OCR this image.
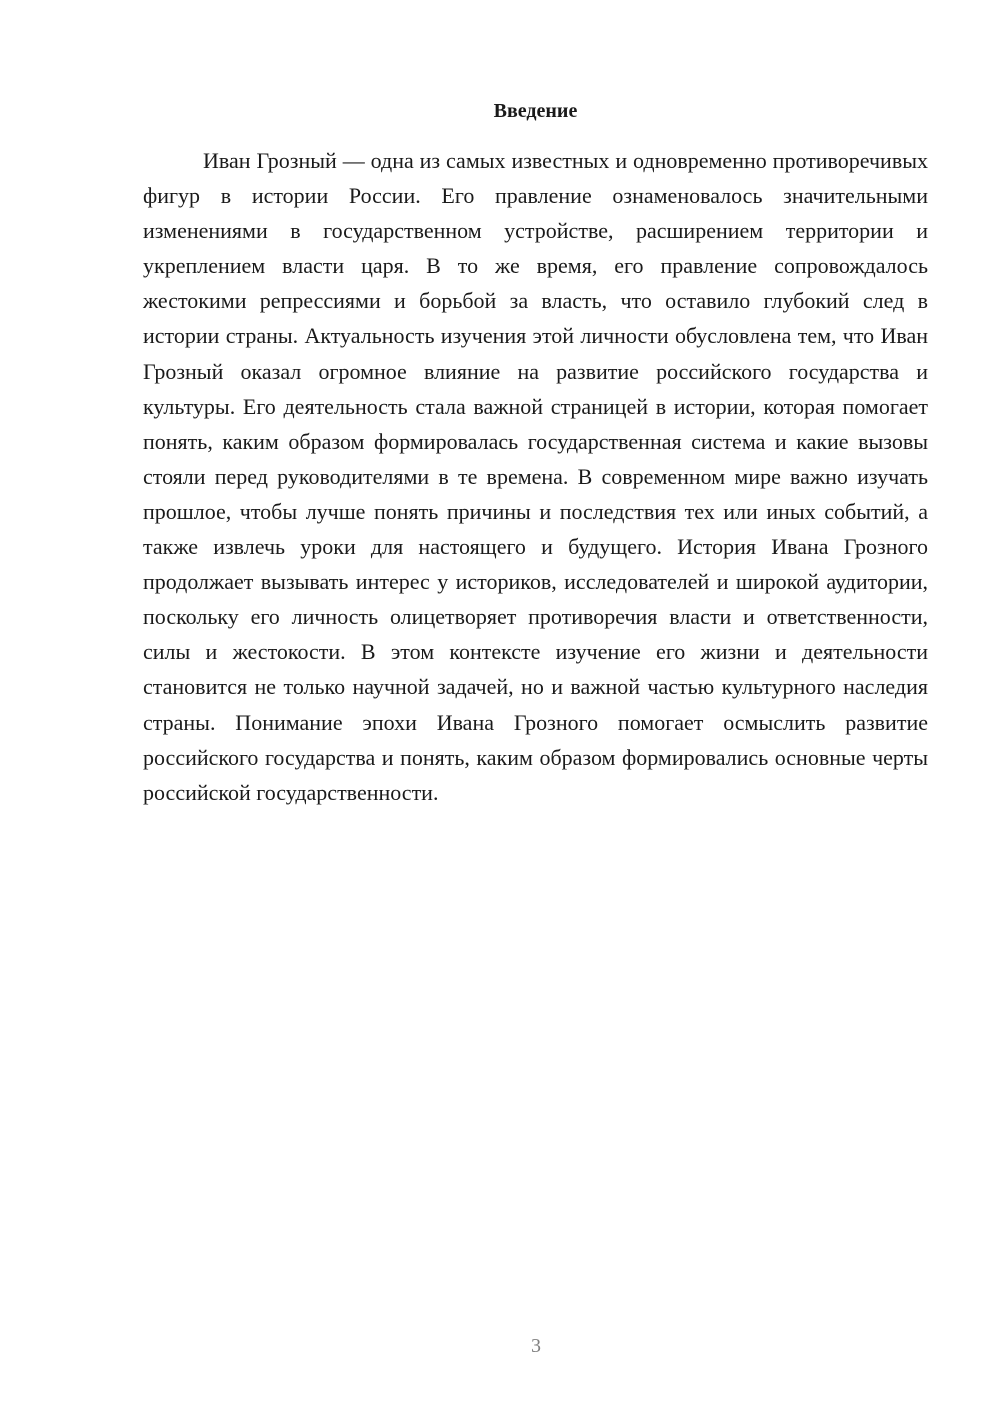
Введение

Иван Грозный — одна из самых известных и одновременно противоречивых фигур в истории России. Его правление ознаменовалось значительными изменениями в государственном устройстве, расширением территории и укреплением власти царя. В то же время, его правление сопровождалось жестокими репрессиями и борьбой за власть, что оставило глубокий след в истории страны. Актуальность изучения этой личности обусловлена тем, что Иван Грозный оказал огромное влияние на развитие российского государства и культуры. Его деятельность стала важной страницей в истории, которая помогает понять, каким образом формировалась государственная система и какие вызовы стояли перед руководителями в те времена. В современном мире важно изучать прошлое, чтобы лучше понять причины и последствия тех или иных событий, а также извлечь уроки для настоящего и будущего. История Ивана Грозного продолжает вызывать интерес у историков, исследователей и широкой аудитории, поскольку его личность олицетворяет противоречия власти и ответственности, силы и жестокости. В этом контексте изучение его жизни и деятельности становится не только научной задачей, но и важной частью культурного наследия страны. Понимание эпохи Ивана Грозного помогает осмыслить развитие российского государства и понять, каким образом формировались основные черты российской государственности.

3
